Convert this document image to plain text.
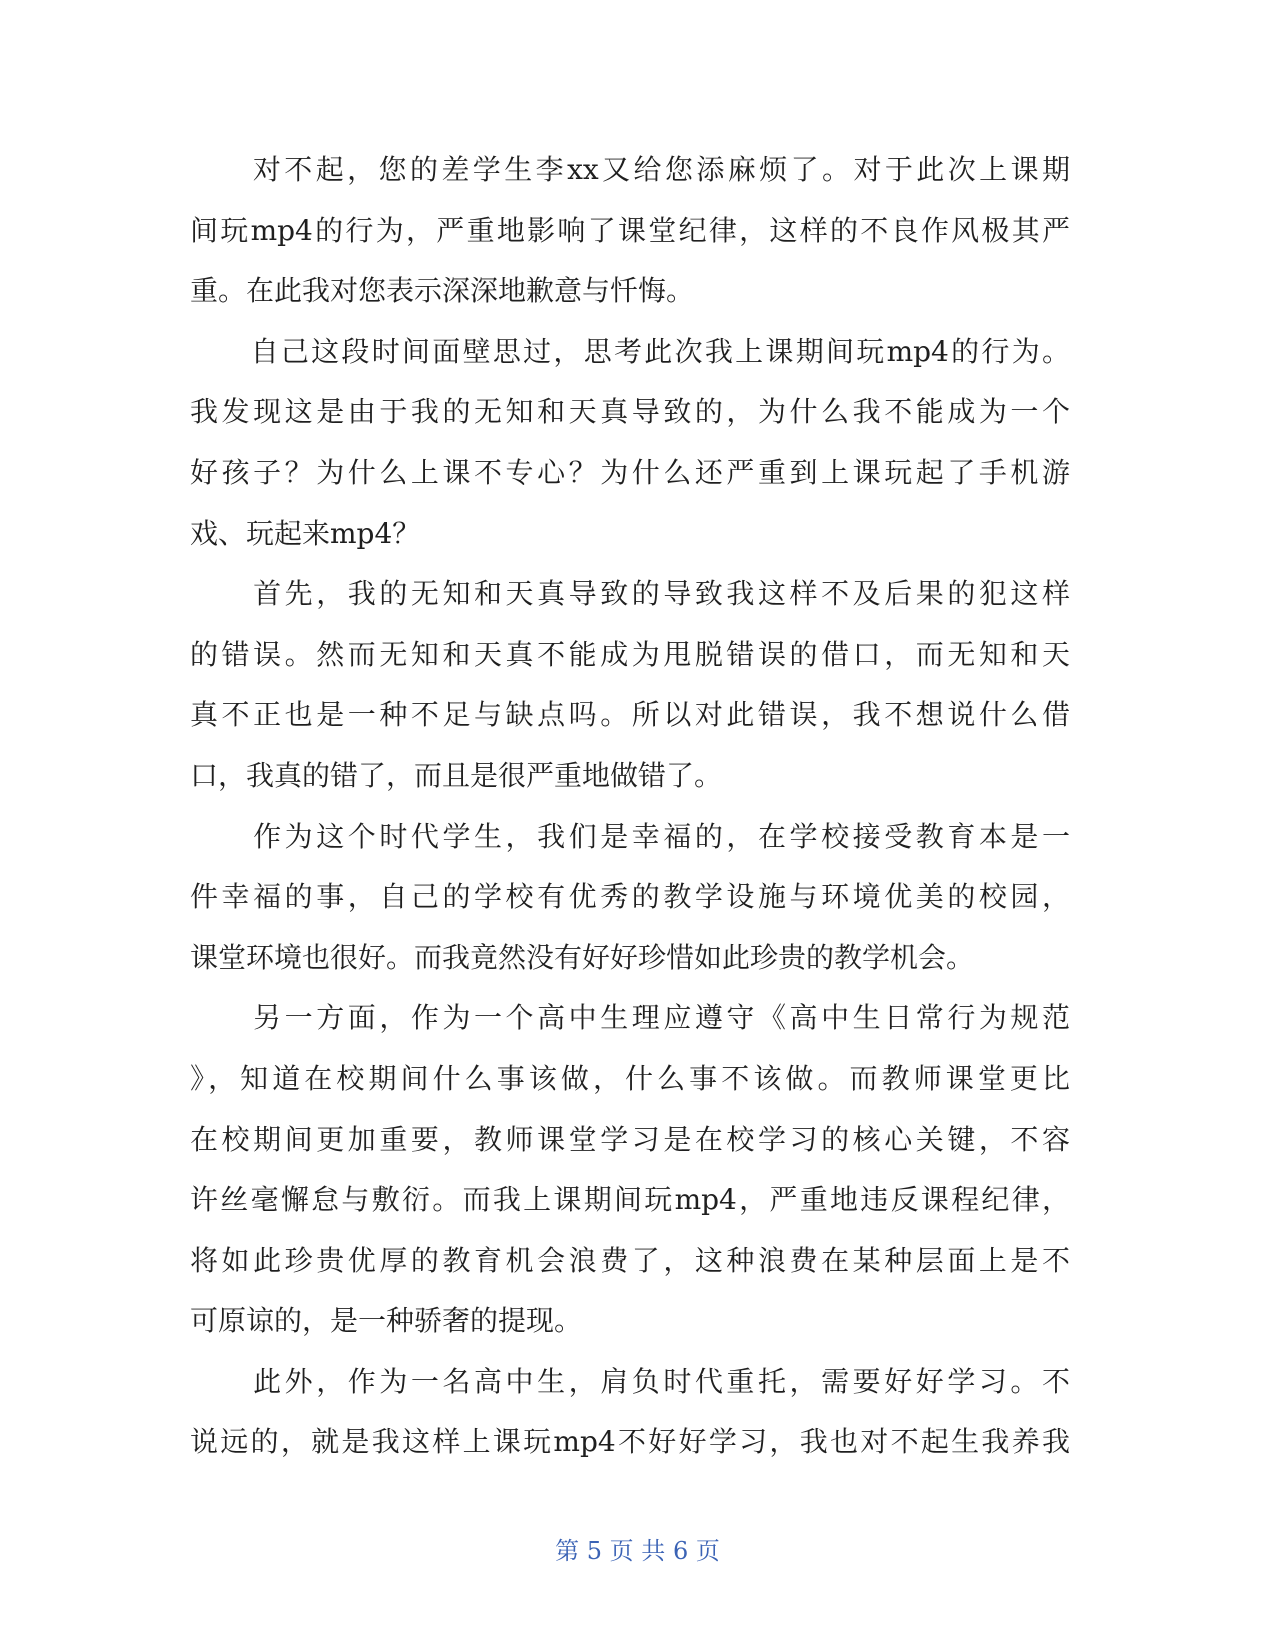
　　对不起，您的差学生李xx又给您添麻烦了。对于此次上课期
间玩mp4的行为，严重地影响了课堂纪律，这样的不良作风极其严
重。在此我对您表示深深地歉意与忏悔。
　　自己这段时间面壁思过，思考此次我上课期间玩mp4的行为。
我发现这是由于我的无知和天真导致的，为什么我不能成为一个
好孩子？为什么上课不专心？为什么还严重到上课玩起了手机游
戏、玩起来mp4？
　　首先，我的无知和天真导致的导致我这样不及后果的犯这样
的错误。然而无知和天真不能成为甩脱错误的借口，而无知和天
真不正也是一种不足与缺点吗。所以对此错误，我不想说什么借
口，我真的错了，而且是很严重地做错了。
　　作为这个时代学生，我们是幸福的，在学校接受教育本是一
件幸福的事，自己的学校有优秀的教学设施与环境优美的校园，
课堂环境也很好。而我竟然没有好好珍惜如此珍贵的教学机会。
　　另一方面，作为一个高中生理应遵守《高中生日常行为规范
》，知道在校期间什么事该做，什么事不该做。而教师课堂更比
在校期间更加重要，教师课堂学习是在校学习的核心关键，不容
许丝毫懈怠与敷衍。而我上课期间玩mp4，严重地违反课程纪律，
将如此珍贵优厚的教育机会浪费了，这种浪费在某种层面上是不
可原谅的，是一种骄奢的提现。
　　此外，作为一名高中生，肩负时代重托，需要好好学习。不
说远的，就是我这样上课玩mp4不好好学习，我也对不起生我养我
第 5 页 共 6 页
